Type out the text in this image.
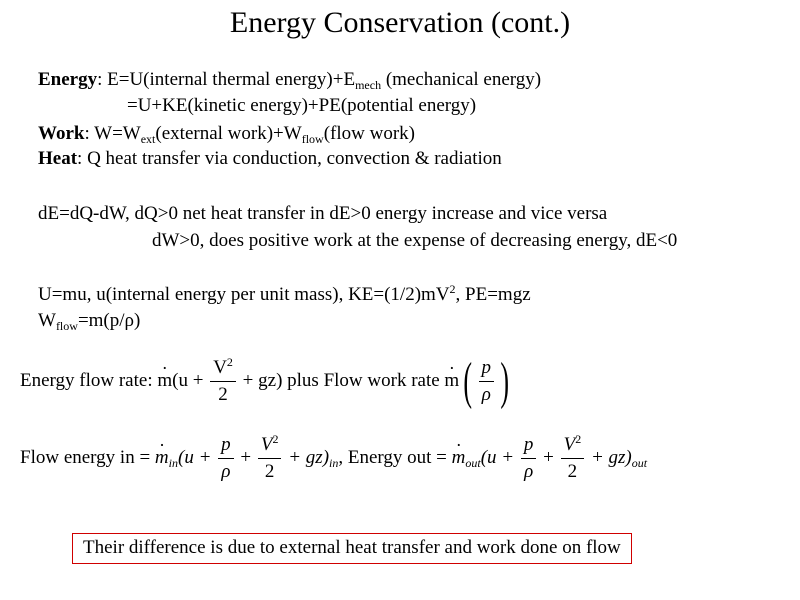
Energy Conservation (cont.)
Energy: E=U(internal thermal $energy)+E_{mech}$ (mechanical energy)
=U+KE(kinetic energy)+PE(potential energy)
Work: $W=W_{ext}(external$ $work)+W_{flow}(flow$ work)
Heat: Q heat transfer via conduction, convection & radiation
dE=dQ-dW, dQ>0 net heat transfer in dE>0 energy increase and vice versa
dW>0, does positive work at the expense of decreasing energy, dE<0
U=mu, u(internal energy per unit mass), $KE=(1/2)mV^2$, PE=mgz
$W_{flow}=m(p/\rho)$
Energy flow rate: · $m(u + \frac{V^2}{2} + gz)$ plus Flow work rate · $m( \frac{p}{\rho}$ )
Flow energy in = · $m_{in}(u + \frac{p}{\rho} + \frac{V^2}{2} + gz)_{in}$, Energy out = · $m_{out}(u + \frac{p}{\rho} + \frac{V^2}{2} + gz)_{out}$
Their difference is due to external heat transfer and work done on flow
